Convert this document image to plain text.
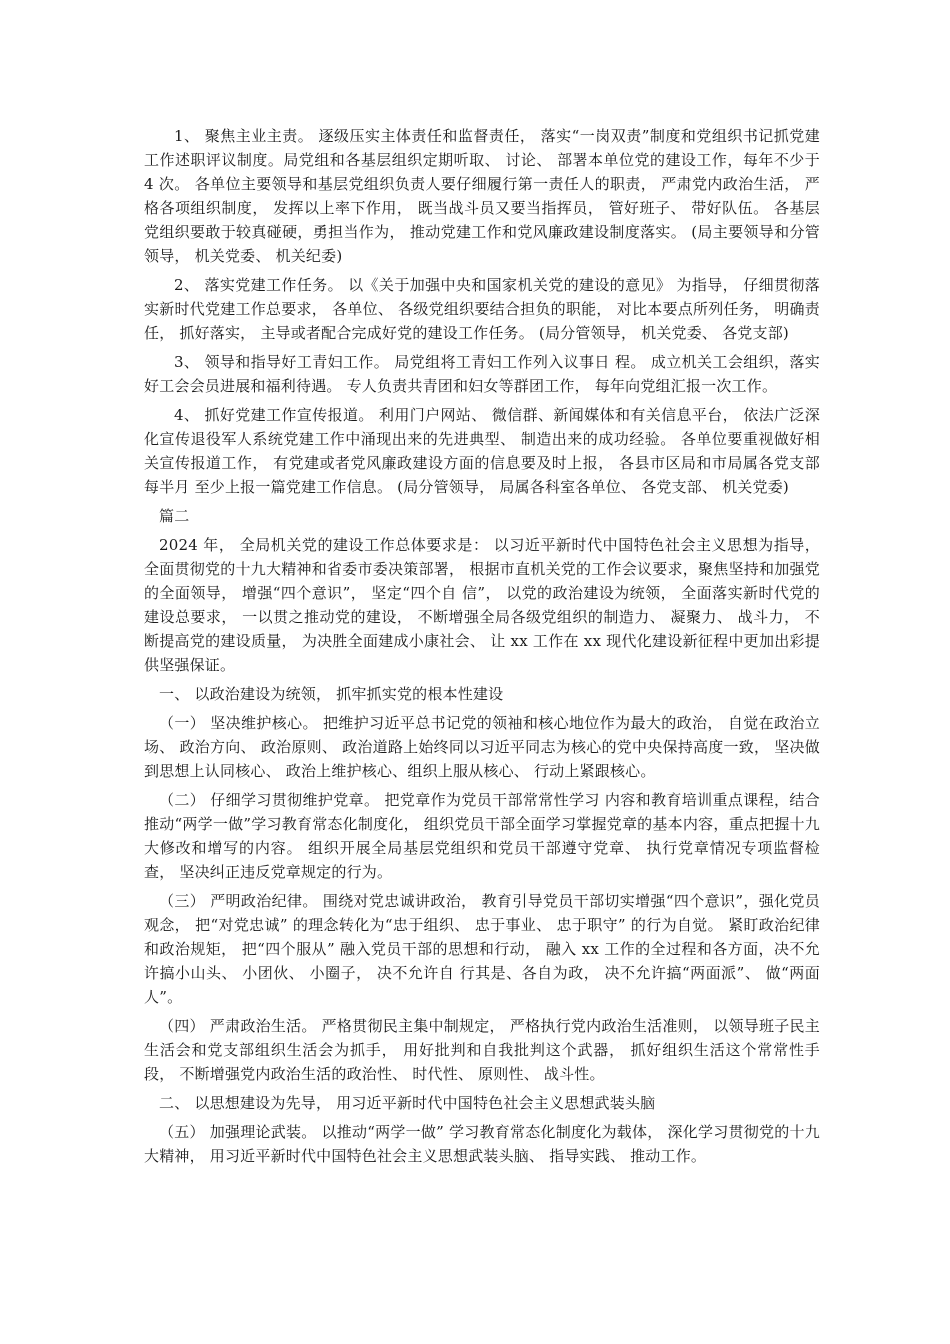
1、 聚焦主业主责。 逐级压实主体责任和监督责任， 落实“一岗双责”制度和党组织书记抓党建工作述职评议制度。局党组和各基层组织定期听取、 讨论、 部署本单位党的建设工作，每年不少于 4 次。 各单位主要领导和基层党组织负责人要仔细履行第一责任人的职责， 严肃党内政治生活， 严格各项组织制度， 发挥以上率下作用， 既当战斗员又要当指挥员， 管好班子、 带好队伍。 各基层党组织要敢于较真碰硬，勇担当作为， 推动党建工作和党风廉政建设制度落实。 (局主要领导和分管领导， 机关党委、 机关纪委)

2、 落实党建工作任务。 以《关于加强中央和国家机关党的建设的意见》 为指导， 仔细贯彻落实新时代党建工作总要求， 各单位、 各级党组织要结合担负的职能， 对比本要点所列任务， 明确责任， 抓好落实， 主导或者配合完成好党的建设工作任务。 (局分管领导， 机关党委、 各党支部)

3、 领导和指导好工青妇工作。 局党组将工青妇工作列入议事日 程。 成立机关工会组织，落实好工会会员进展和福利待遇。 专人负责共青团和妇女等群团工作， 每年向党组汇报一次工作。

4、 抓好党建工作宣传报道。 利用门户网站、 微信群、新闻媒体和有关信息平台， 依法广泛深化宣传退役军人系统党建工作中涌现出来的先进典型、 制造出来的成功经验。 各单位要重视做好相关宣传报道工作， 有党建或者党风廉政建设方面的信息要及时上报， 各县市区局和市局属各党支部每半月 至少上报一篇党建工作信息。 (局分管领导， 局属各科室各单位、 各党支部、 机关党委)

篇二

2024 年， 全局机关党的建设工作总体要求是： 以习近平新时代中国特色社会主义思想为指导， 全面贯彻党的十九大精神和省委市委决策部署， 根据市直机关党的工作会议要求，聚焦坚持和加强党的全面领导， 增强“四个意识”， 坚定“四个自 信”， 以党的政治建设为统领， 全面落实新时代党的建设总要求， 一以贯之推动党的建设， 不断增强全局各级党组织的制造力、 凝聚力、 战斗力， 不断提高党的建设质量， 为决胜全面建成小康社会、 让 xx 工作在 xx 现代化建设新征程中更加出彩提供坚强保证。

一、 以政治建设为统领， 抓牢抓实党的根本性建设

（一） 坚决维护核心。 把维护习近平总书记党的领袖和核心地位作为最大的政治， 自觉在政治立场、 政治方向、 政治原则、 政治道路上始终同以习近平同志为核心的党中央保持高度一致， 坚决做到思想上认同核心、 政治上维护核心、组织上服从核心、 行动上紧跟核心。

（二） 仔细学习贯彻维护党章。 把党章作为党员干部常常性学习 内容和教育培训重点课程，结合推动“两学一做”学习教育常态化制度化， 组织党员干部全面学习掌握党章的基本内容，重点把握十九大修改和增写的内容。 组织开展全局基层党组织和党员干部遵守党章、 执行党章情况专项监督检查， 坚决纠正违反党章规定的行为。

（三） 严明政治纪律。 围绕对党忠诚讲政治， 教育引导党员干部切实增强“四个意识”，强化党员观念， 把“对党忠诚” 的理念转化为“忠于组织、 忠于事业、 忠于职守” 的行为自觉。 紧盯政治纪律和政治规矩， 把“四个服从” 融入党员干部的思想和行动， 融入 xx 工作的全过程和各方面，决不允许搞小山头、 小团伙、 小圈子， 决不允许自 行其是、各自为政， 决不允许搞“两面派”、 做“两面人”。

（四） 严肃政治生活。 严格贯彻民主集中制规定， 严格执行党内政治生活准则， 以领导班子民主生活会和党支部组织生活会为抓手， 用好批判和自我批判这个武器， 抓好组织生活这个常常性手段， 不断增强党内政治生活的政治性、 时代性、 原则性、 战斗性。

二、 以思想建设为先导， 用习近平新时代中国特色社会主义思想武装头脑

（五） 加强理论武装。 以推动“两学一做” 学习教育常态化制度化为载体， 深化学习贯彻党的十九大精神， 用习近平新时代中国特色社会主义思想武装头脑、 指导实践、 推动工作。
